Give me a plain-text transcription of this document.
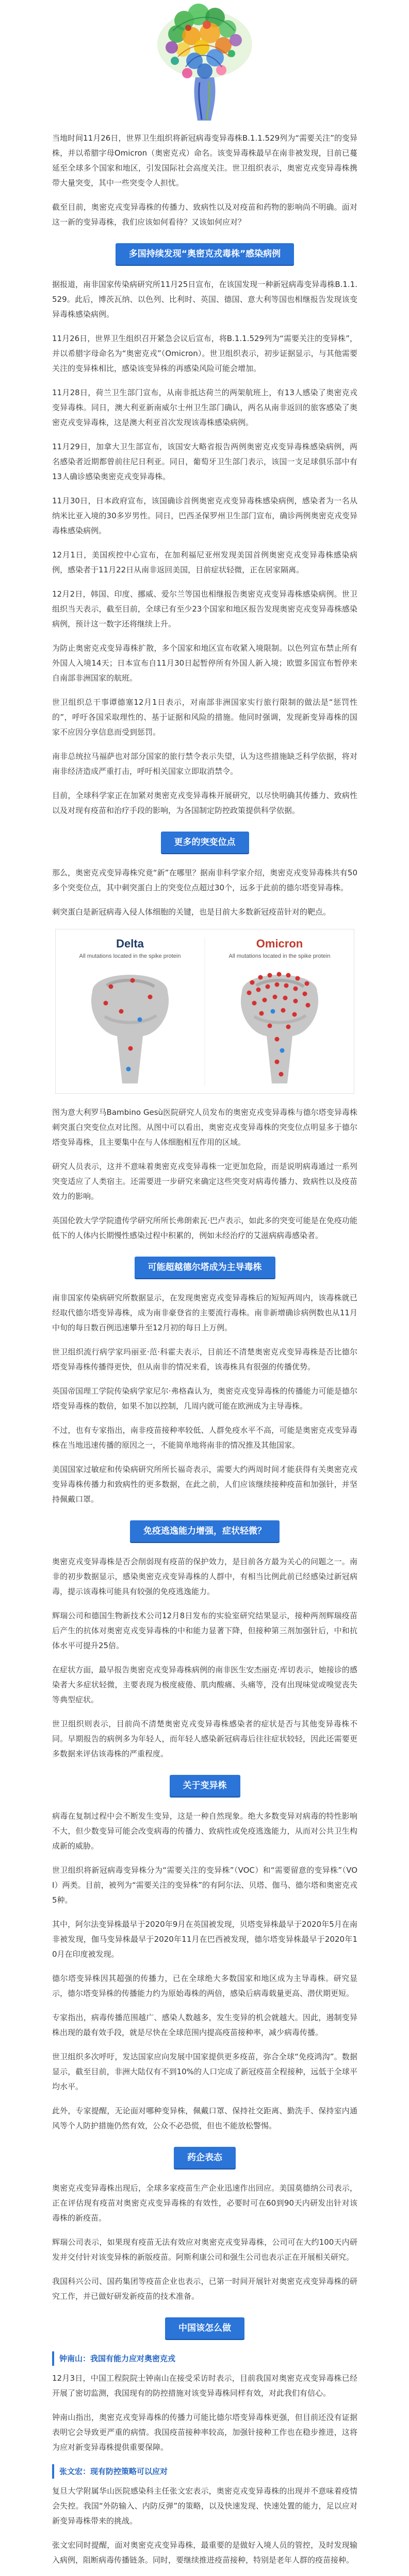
当地时间11月26日，世界卫生组织将新冠病毒变异毒株B.1.1.529列为“需要关注”的变异株，并以希腊字母Omicron（奥密克戎）命名。该变异毒株最早在南非被发现，目前已蔓延至全球多个国家和地区，引发国际社会高度关注。世卫组织表示，奥密克戎变异毒株携带大量突变，其中一些突变令人担忧。

截至目前，奥密克戎变异毒株的传播力、致病性以及对疫苗和药物的影响尚不明确。面对这一新的变异毒株，我们应该如何看待？又该如何应对？

多国持续发现“奥密克戎毒株”感染病例

据报道，南非国家传染病研究所11月25日宣布，在该国发现一种新冠病毒变异毒株B.1.1.529。此后，博茨瓦纳、以色列、比利时、英国、德国、意大利等国也相继报告发现该变异毒株感染病例。

11月26日，世界卫生组织召开紧急会议后宣布，将B.1.1.529列为“需要关注的变异株”，并以希腊字母命名为“奥密克戎”（Omicron）。世卫组织表示，初步证据显示，与其他需要关注的变异株相比，感染该变异株的再感染风险可能会增加。

11月28日，荷兰卫生部门宣布，从南非抵达荷兰的两架航班上，有13人感染了奥密克戎变异毒株。同日，澳大利亚新南威尔士州卫生部门确认，两名从南非返回的旅客感染了奥密克戎变异毒株，这是澳大利亚首次发现该毒株感染病例。

11月29日，加拿大卫生部宣布，该国安大略省报告两例奥密克戎变异毒株感染病例，两名感染者近期都曾前往尼日利亚。同日，葡萄牙卫生部门表示，该国一支足球俱乐部中有13人确诊感染奥密克戎变异毒株。

11月30日，日本政府宣布，该国确诊首例奥密克戎变异毒株感染病例，感染者为一名从纳米比亚入境的30多岁男性。同日，巴西圣保罗州卫生部门宣布，确诊两例奥密克戎变异毒株感染病例。

12月1日，美国疾控中心宣布，在加利福尼亚州发现美国首例奥密克戎变异毒株感染病例，感染者于11月22日从南非返回美国，目前症状轻微，正在居家隔离。

12月2日，韩国、印度、挪威、爱尔兰等国也相继报告奥密克戎变异毒株感染病例。世卫组织当天表示，截至目前，全球已有至少23个国家和地区报告发现奥密克戎变异毒株感染病例，预计这一数字还将继续上升。

为防止奥密克戎变异毒株扩散，多个国家和地区宣布收紧入境限制。以色列宣布禁止所有外国人入境14天；日本宣布自11月30日起暂停所有外国人新入境；欧盟多国宣布暂停来自南部非洲国家的航班。

世卫组织总干事谭德塞12月1日表示，对南部非洲国家实行旅行限制的做法是“惩罚性的”，呼吁各国采取理性的、基于证据和风险的措施。他同时强调，发现新变异毒株的国家不应因分享信息而受到惩罚。

南非总统拉马福萨也对部分国家的旅行禁令表示失望，认为这些措施缺乏科学依据，将对南非经济造成严重打击，呼吁相关国家立即取消禁令。

目前，全球科学家正在加紧对奥密克戎变异毒株开展研究，以尽快明确其传播力、致病性以及对现有疫苗和治疗手段的影响，为各国制定防控政策提供科学依据。

更多的突变位点

那么，奥密克戎变异毒株究竟“新”在哪里？据南非科学家介绍，奥密克戎变异毒株共有50多个突变位点，其中刺突蛋白上的突变位点超过30个，远多于此前的德尔塔变异毒株。

刺突蛋白是新冠病毒入侵人体细胞的关键，也是目前大多数新冠疫苗针对的靶点。

Delta
All mutations located in the spike protein
Omicron
All mutations located in the spike protein

图为意大利罗马Bambino Gesù医院研究人员发布的奥密克戎变异毒株与德尔塔变异毒株刺突蛋白突变位点对比图。从图中可以看出，奥密克戎变异毒株的突变位点明显多于德尔塔变异毒株，且主要集中在与人体细胞相互作用的区域。

研究人员表示，这并不意味着奥密克戎变异毒株一定更加危险，而是说明病毒通过一系列突变适应了人类宿主。还需要进一步研究来确定这些突变对病毒传播力、致病性以及疫苗效力的影响。

英国伦敦大学学院遗传学研究所所长弗朗索瓦·巴卢表示，如此多的突变可能是在免疫功能低下的人体内长期慢性感染过程中积累的，例如未经治疗的艾滋病病毒感染者。

可能超越德尔塔成为主导毒株

南非国家传染病研究所数据显示，在发现奥密克戎变异毒株后的短短两周内，该毒株就已经取代德尔塔变异毒株，成为南非豪登省的主要流行毒株。南非新增确诊病例数也从11月中旬的每日数百例迅速攀升至12月初的每日上万例。

世卫组织流行病学家玛丽亚·范·科霍夫表示，目前还不清楚奥密克戎变异毒株是否比德尔塔变异毒株传播得更快，但从南非的情况来看，该毒株具有很强的传播优势。

英国帝国理工学院传染病学家尼尔·弗格森认为，奥密克戎变异毒株的传播能力可能是德尔塔变异毒株的数倍，如果不加以控制，几周内就可能在欧洲成为主导毒株。

不过，也有专家指出，南非疫苗接种率较低、人群免疫水平不高，可能是奥密克戎变异毒株在当地迅速传播的原因之一，不能简单地将南非的情况推及其他国家。

美国国家过敏症和传染病研究所所长福奇表示，需要大约两周时间才能获得有关奥密克戎变异毒株传播力和致病性的更多数据，在此之前，人们应该继续接种疫苗和加强针，并坚持佩戴口罩。

免疫逃逸能力增强，症状轻微？

奥密克戎变异毒株是否会削弱现有疫苗的保护效力，是目前各方最为关心的问题之一。南非的初步数据显示，感染奥密克戎变异毒株的人群中，有相当比例此前已经感染过新冠病毒，提示该毒株可能具有较强的免疫逃逸能力。

辉瑞公司和德国生物新技术公司12月8日发布的实验室研究结果显示，接种两剂辉瑞疫苗后产生的抗体对奥密克戎变异毒株的中和能力显著下降，但接种第三剂加强针后，中和抗体水平可提升25倍。

在症状方面，最早报告奥密克戎变异毒株病例的南非医生安杰丽克·库切表示，她接诊的感染者大多症状轻微，主要表现为极度疲倦、肌肉酸痛、头痛等，没有出现味觉或嗅觉丧失等典型症状。

世卫组织则表示，目前尚不清楚奥密克戎变异毒株感染者的症状是否与其他变异毒株不同。早期报告的病例多为年轻人，而年轻人感染新冠病毒后往往症状较轻，因此还需要更多数据来评估该毒株的严重程度。

关于变异株

病毒在复制过程中会不断发生变异，这是一种自然现象。绝大多数变异对病毒的特性影响不大，但少数变异可能会改变病毒的传播力、致病性或免疫逃逸能力，从而对公共卫生构成新的威胁。

世卫组织将新冠病毒变异株分为“需要关注的变异株”（VOC）和“需要留意的变异株”（VOI）两类。目前，被列为“需要关注的变异株”的有阿尔法、贝塔、伽马、德尔塔和奥密克戎5种。

其中，阿尔法变异株最早于2020年9月在英国被发现，贝塔变异株最早于2020年5月在南非被发现，伽马变异株最早于2020年11月在巴西被发现，德尔塔变异株最早于2020年10月在印度被发现。

德尔塔变异株因其超强的传播力，已在全球绝大多数国家和地区成为主导毒株。研究显示，德尔塔变异株的传播能力约为原始毒株的两倍，感染后病毒载量更高、潜伏期更短。

专家指出，病毒传播范围越广、感染人数越多，发生变异的机会就越大。因此，遏制变异株出现的最有效手段，就是尽快在全球范围内提高疫苗接种率，减少病毒传播。

世卫组织多次呼吁，发达国家应向发展中国家提供更多疫苗，弥合全球“免疫鸿沟”。数据显示，截至目前，非洲大陆仅有不到10%的人口完成了新冠疫苗全程接种，远低于全球平均水平。

此外，专家提醒，无论面对哪种变异株，佩戴口罩、保持社交距离、勤洗手、保持室内通风等个人防护措施仍然有效，公众不必恐慌，但也不能放松警惕。

药企表态

奥密克戎变异毒株出现后，全球多家疫苗生产企业迅速作出回应。美国莫德纳公司表示，正在评估现有疫苗对奥密克戎变异毒株的有效性，必要时可在60到90天内研发出针对该毒株的新疫苗。

辉瑞公司表示，如果现有疫苗无法有效应对奥密克戎变异毒株，公司可在大约100天内研发并交付针对该变异株的新版疫苗。阿斯利康公司和强生公司也表示正在开展相关研究。

我国科兴公司、国药集团等疫苗企业也表示，已第一时间开展针对奥密克戎变异毒株的研究工作，并已做好研发新疫苗的技术准备。

中国该怎么做
钟南山：我国有能力应对奥密克戎

12月3日，中国工程院院士钟南山在接受采访时表示，目前我国对奥密克戎变异毒株已经开展了密切监测，我国现有的防控措施对该变异毒株同样有效，对此我们有信心。

钟南山指出，奥密克戎变异毒株的传播力可能比德尔塔变异毒株更强，但目前还没有证据表明它会导致更严重的病情。我国疫苗接种率较高，加强针接种工作也在稳步推进，这将为应对新变异毒株提供重要保障。

张文宏：现有防控策略可以应对

复旦大学附属华山医院感染科主任张文宏表示，奥密克戎变异毒株的出现并不意味着疫情会失控。我国“外防输入、内防反弹”的策略，以及快速发现、快速处置的能力，足以应对新变异毒株带来的挑战。

张文宏同时提醒，面对奥密克戎变异毒株，最重要的是做好入境人员的管控，及时发现输入病例，阻断病毒传播链条。同时，要继续推进疫苗接种，特别是老年人群的疫苗接种。
